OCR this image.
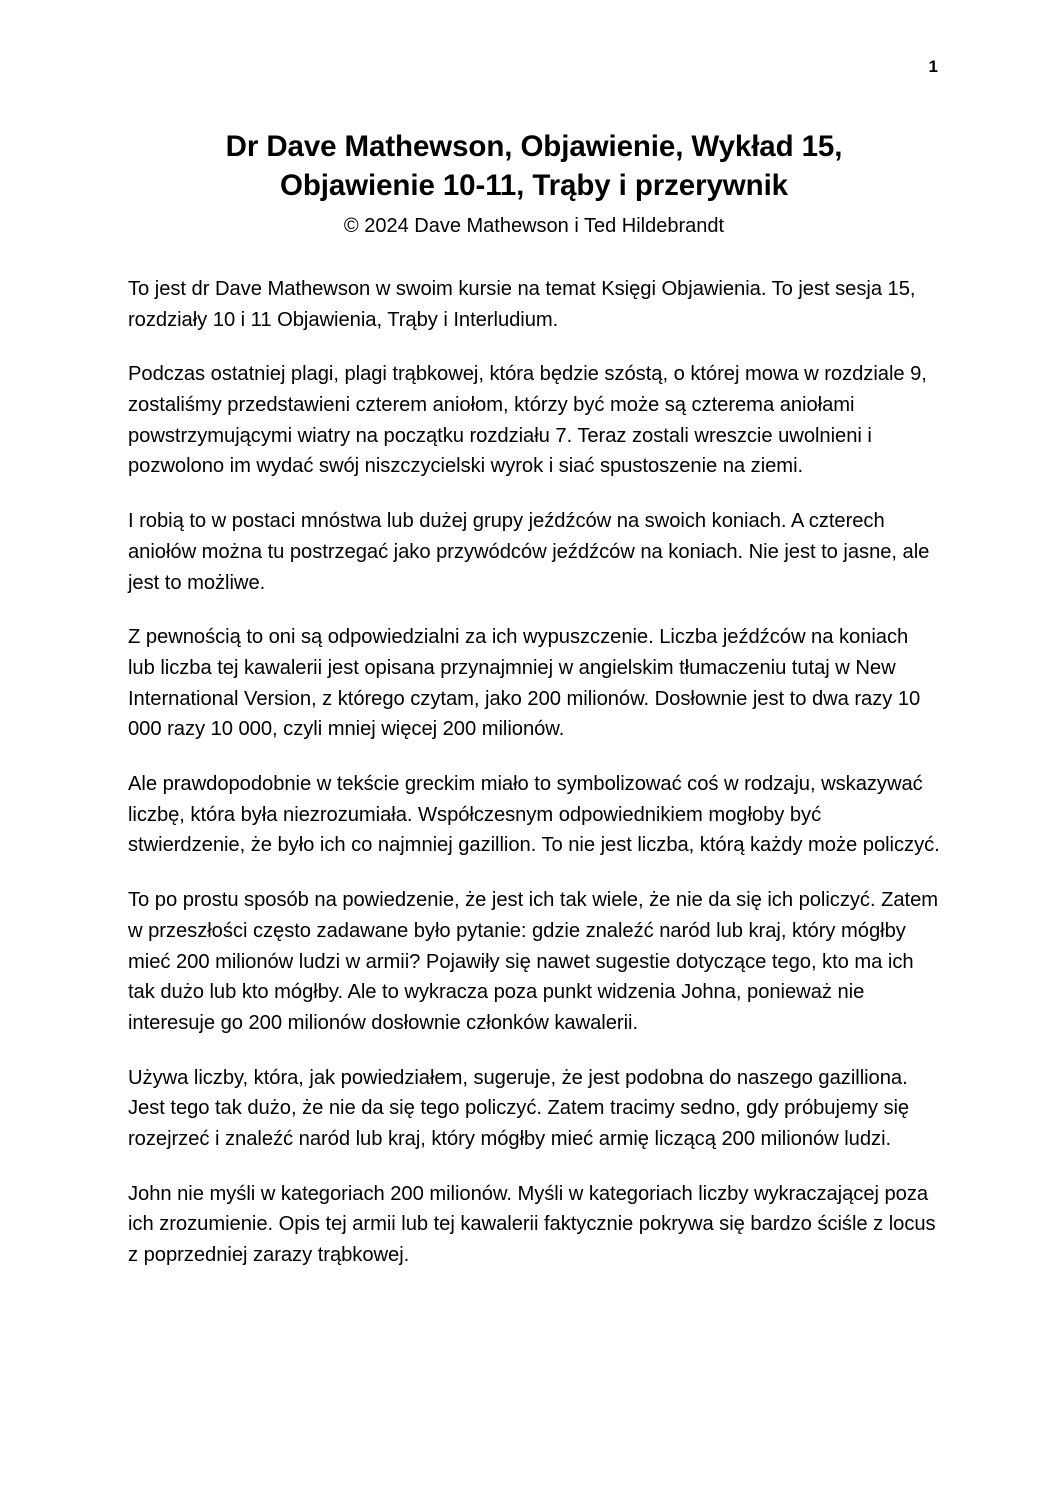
1
Dr Dave Mathewson, Objawienie, Wykład 15,
Objawienie 10-11, Trąby i przerywnik
© 2024 Dave Mathewson i Ted Hildebrandt

To jest dr Dave Mathewson w swoim kursie na temat Księgi Objawienia. To jest sesja 15, rozdziały 10 i 11 Objawienia, Trąby i Interludium.

Podczas ostatniej plagi, plagi trąbkowej, która będzie szóstą, o której mowa w rozdziale 9, zostaliśmy przedstawieni czterem aniołom, którzy być może są czterema aniołami powstrzymującymi wiatry na początku rozdziału 7. Teraz zostali wreszcie uwolnieni i pozwolono im wydać swój niszczycielski wyrok i siać spustoszenie na ziemi.

I robią to w postaci mnóstwa lub dużej grupy jeźdźców na swoich koniach. A czterech aniołów można tu postrzegać jako przywódców jeźdźców na koniach. Nie jest to jasne, ale jest to możliwe.

Z pewnością to oni są odpowiedzialni za ich wypuszczenie. Liczba jeźdźców na koniach lub liczba tej kawalerii jest opisana przynajmniej w angielskim tłumaczeniu tutaj w New International Version, z którego czytam, jako 200 milionów. Dosłownie jest to dwa razy 10 000 razy 10 000, czyli mniej więcej 200 milionów.

Ale prawdopodobnie w tekście greckim miało to symbolizować coś w rodzaju, wskazywać liczbę, która była niezrozumiała. Współczesnym odpowiednikiem mogłoby być stwierdzenie, że było ich co najmniej gazillion. To nie jest liczba, którą każdy może policzyć.

To po prostu sposób na powiedzenie, że jest ich tak wiele, że nie da się ich policzyć. Zatem w przeszłości często zadawane było pytanie: gdzie znaleźć naród lub kraj, który mógłby mieć 200 milionów ludzi w armii? Pojawiły się nawet sugestie dotyczące tego, kto ma ich tak dużo lub kto mógłby. Ale to wykracza poza punkt widzenia Johna, ponieważ nie interesuje go 200 milionów dosłownie członków kawalerii.

Używa liczby, która, jak powiedziałem, sugeruje, że jest podobna do naszego gazilliona. Jest tego tak dużo, że nie da się tego policzyć. Zatem tracimy sedno, gdy próbujemy się rozejrzeć i znaleźć naród lub kraj, który mógłby mieć armię liczącą 200 milionów ludzi.

John nie myśli w kategoriach 200 milionów. Myśli w kategoriach liczby wykraczającej poza ich zrozumienie. Opis tej armii lub tej kawalerii faktycznie pokrywa się bardzo ściśle z locus z poprzedniej zarazy trąbkowej.
